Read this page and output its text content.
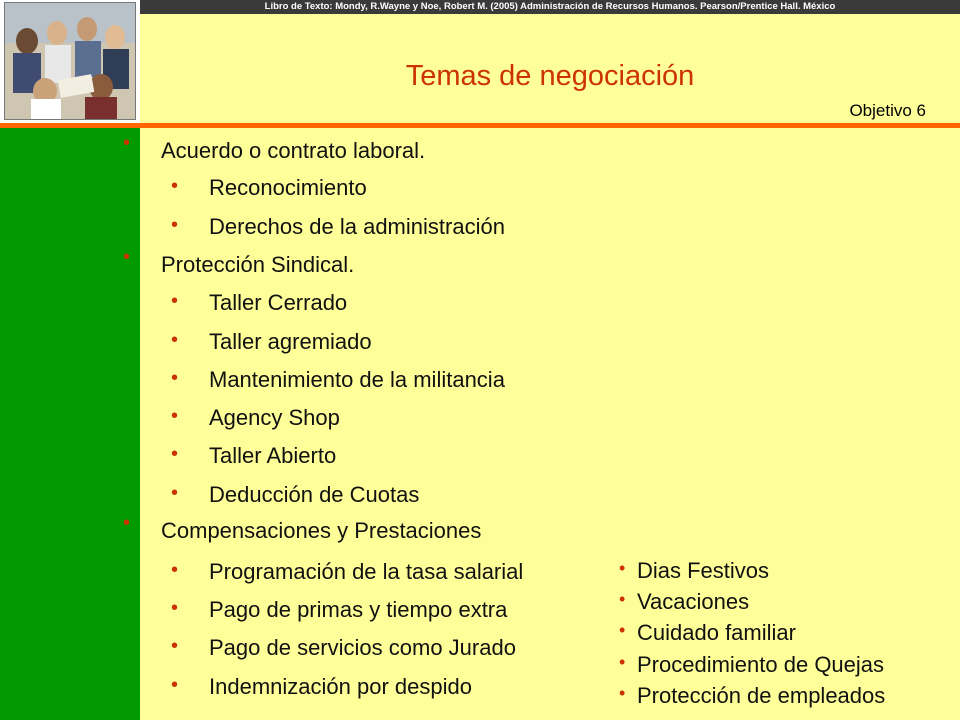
Libro de Texto: Mondy, R.Wayne y Noe, Robert M. (2005) Administración de Recursos Humanos. Pearson/Prentice Hall. México
Temas de negociación
Objetivo 6
• Acuerdo o contrato laboral.
• Reconocimiento
• Derechos de la administración
• Protección Sindical.
• Taller Cerrado
• Taller agremiado
• Mantenimiento de la militancia
• Agency Shop
• Taller Abierto
• Deducción de Cuotas
• Compensaciones y Prestaciones
• Programación de la tasa salarial
• Pago de primas y tiempo extra
• Pago de servicios como Jurado
• Indemnización por despido
• Dias Festivos
• Vacaciones
• Cuidado familiar
• Procedimiento de Quejas
• Protección de empleados
